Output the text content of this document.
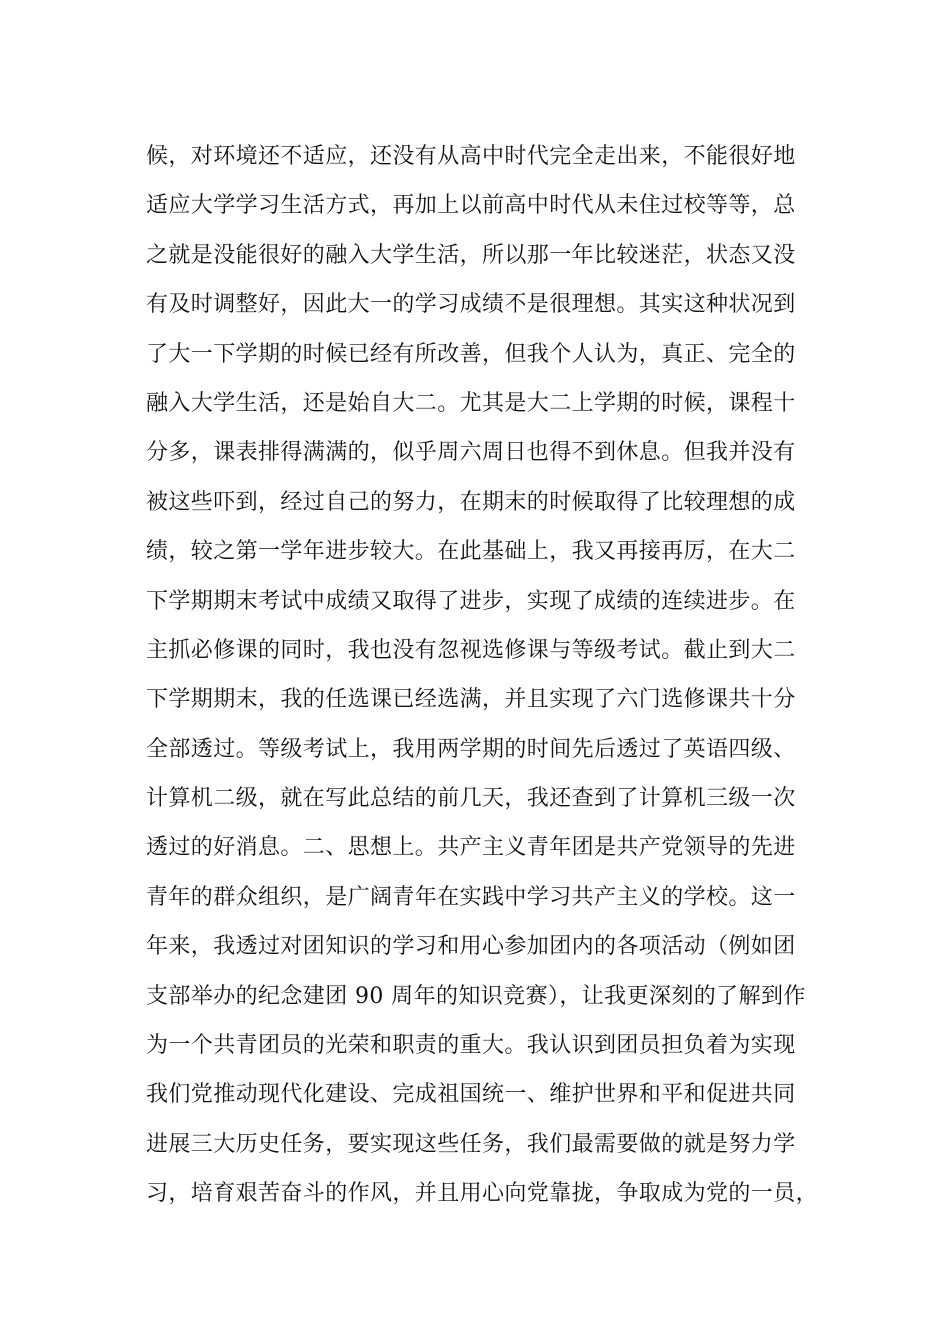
候，对环境还不适应，还没有从高中时代完全走出来，不能很好地
适应大学学习生活方式，再加上以前高中时代从未住过校等等，总
之就是没能很好的融入大学生活，所以那一年比较迷茫，状态又没
有及时调整好，因此大一的学习成绩不是很理想。其实这种状况到
了大一下学期的时候已经有所改善，但我个人认为，真正、完全的
融入大学生活，还是始自大二。尤其是大二上学期的时候，课程十
分多，课表排得满满的，似乎周六周日也得不到休息。但我并没有
被这些吓到，经过自己的努力，在期末的时候取得了比较理想的成
绩，较之第一学年进步较大。在此基础上，我又再接再厉，在大二
下学期期末考试中成绩又取得了进步，实现了成绩的连续进步。在
主抓必修课的同时，我也没有忽视选修课与等级考试。截止到大二
下学期期末，我的任选课已经选满，并且实现了六门选修课共十分
全部透过。等级考试上，我用两学期的时间先后透过了英语四级、
计算机二级，就在写此总结的前几天，我还查到了计算机三级一次
透过的好消息。二、思想上。共产主义青年团是共产党领导的先进
青年的群众组织，是广阔青年在实践中学习共产主义的学校。这一
年来，我透过对团知识的学习和用心参加团内的各项活动（例如团
支部举办的纪念建团 90 周年的知识竞赛），让我更深刻的了解到作
为一个共青团员的光荣和职责的重大。我认识到团员担负着为实现
我们党推动现代化建设、完成祖国统一、维护世界和平和促进共同
进展三大历史任务，要实现这些任务，我们最需要做的就是努力学
习，培育艰苦奋斗的作风，并且用心向党靠拢，争取成为党的一员，
